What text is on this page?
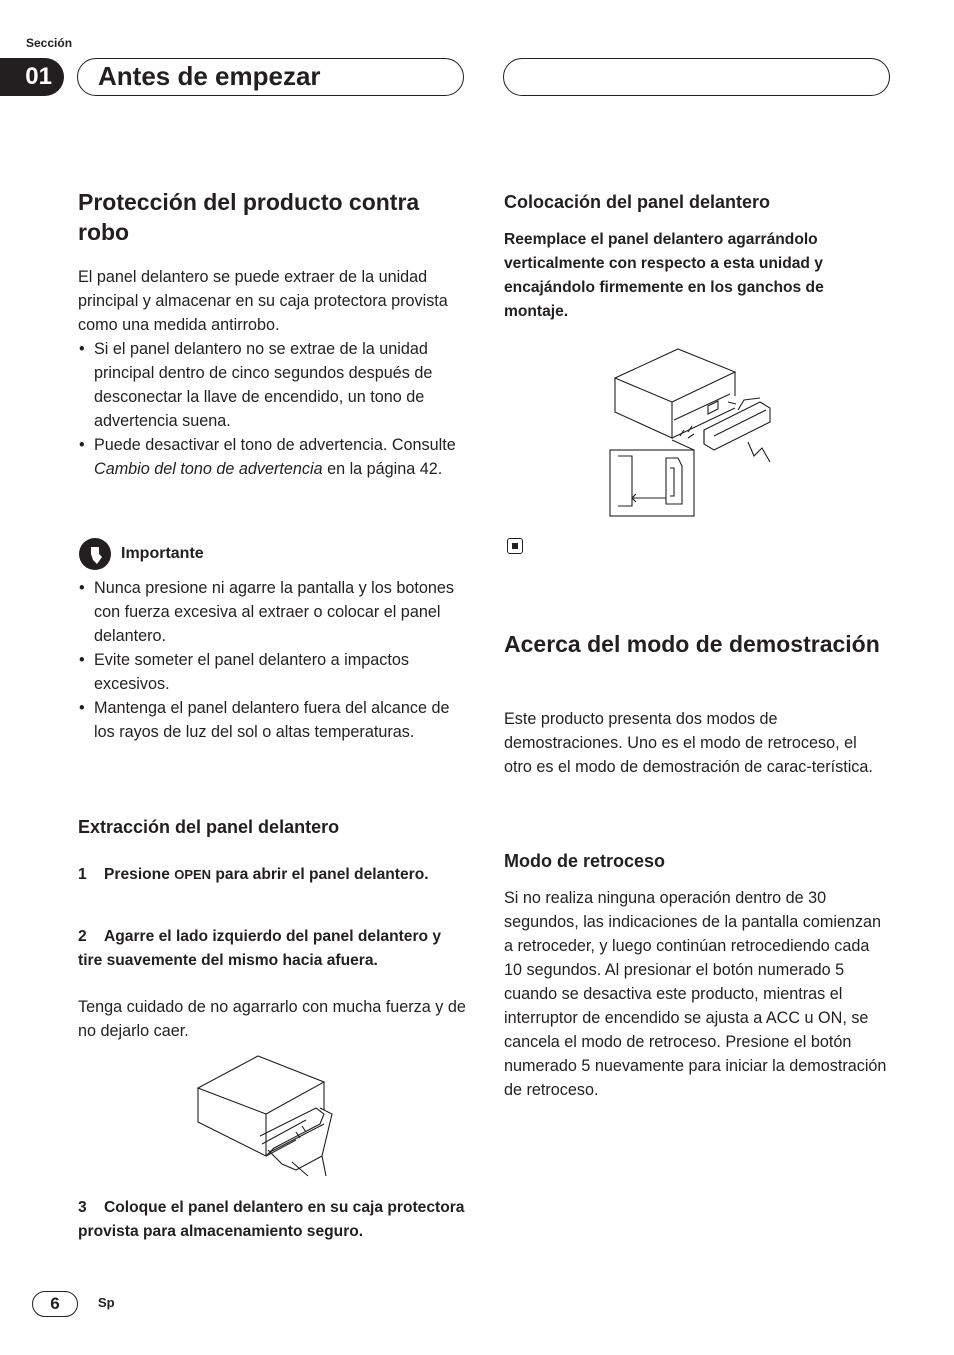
Sección
01	Antes de empezar
Protección del producto contra robo
El panel delantero se puede extraer de la unidad principal y almacenar en su caja protectora provista como una medida antirrobo.
• Si el panel delantero no se extrae de la unidad principal dentro de cinco segundos después de desconectar la llave de encendido, un tono de advertencia suena.
• Puede desactivar el tono de advertencia. Consulte Cambio del tono de advertencia en la página 42.
Importante
• Nunca presione ni agarre la pantalla y los botones con fuerza excesiva al extraer o colocar el panel delantero.
• Evite someter el panel delantero a impactos excesivos.
• Mantenga el panel delantero fuera del alcance de los rayos de luz del sol o altas temperaturas.
Extracción del panel delantero
1 Presione OPEN para abrir el panel delantero.
2 Agarre el lado izquierdo del panel delantero y tire suavemente del mismo hacia afuera.
Tenga cuidado de no agarrarlo con mucha fuerza y de no dejarlo caer.
3 Coloque el panel delantero en su caja protectora provista para almacenamiento seguro.
Colocación del panel delantero
Reemplace el panel delantero agarrándolo verticalmente con respecto a esta unidad y encajándolo firmemente en los ganchos de montaje.
Acerca del modo de demostración
Este producto presenta dos modos de demostraciones. Uno es el modo de retroceso, el otro es el modo de demostración de carac-terística.
Modo de retroceso
Si no realiza ninguna operación dentro de 30 segundos, las indicaciones de la pantalla comienzan a retroceder, y luego continúan retrocediendo cada 10 segundos. Al presionar el botón numerado 5 cuando se desactiva este producto, mientras el interruptor de encendido se ajusta a ACC u ON, se cancela el modo de retroceso. Presione el botón numerado 5 nuevamente para iniciar la demostración de retroceso.
6	Sp
